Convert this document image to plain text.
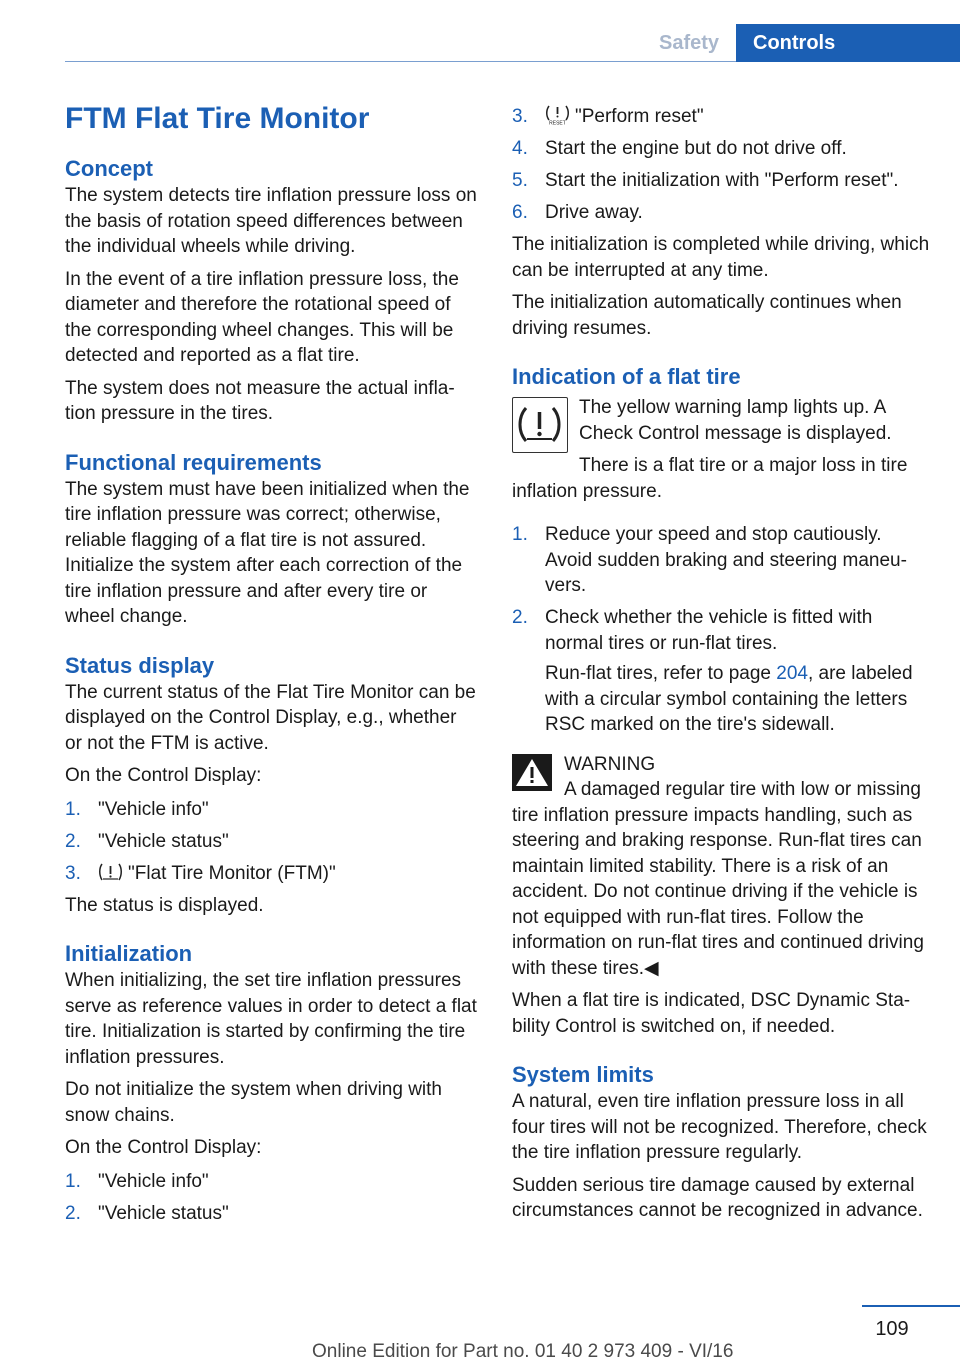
Safety	Controls
FTM Flat Tire Monitor
Concept

The system detects tire inflation pressure loss on the basis of rotation speed differences between the individual wheels while driving.

In the event of a tire inflation pressure loss, the diameter and therefore the rotational speed of the corresponding wheel changes. This will be detected and reported as a flat tire.

The system does not measure the actual inflation pressure in the tires.

Functional requirements

The system must have been initialized when the tire inflation pressure was correct; otherwise, reliable flagging of a flat tire is not assured. Initialize the system after each correction of the tire inflation pressure and after every tire or wheel change.

Status display

The current status of the Flat Tire Monitor can be displayed on the Control Display, e.g., whether or not the FTM is active.

On the Control Display:

1. "Vehicle info"
2. "Vehicle status"
3. "Flat Tire Monitor (FTM)"

The status is displayed.

Initialization

When initializing, the set tire inflation pressures serve as reference values in order to detect a flat tire. Initialization is started by confirming the tire inflation pressures.

Do not initialize the system when driving with snow chains.

On the Control Display:

1. "Vehicle info"
2. "Vehicle status"
3.	RESET "Perform reset"
4. Start the engine but do not drive off.
5. Start the initialization with "Perform reset".
6. Drive away.

The initialization is completed while driving, which can be interrupted at any time.

The initialization automatically continues when driving resumes.

Indication of a flat tire

The yellow warning lamp lights up. A Check Control message is displayed.

There is a flat tire or a major loss in tire inflation pressure.

1. Reduce your speed and stop cautiously. Avoid sudden braking and steering maneuvers.
2. Check whether the vehicle is fitted with normal tires or run-flat tires.
Run-flat tires, refer to page 204, are labeled with a circular symbol containing the letters RSC marked on the tire's sidewall.

WARNING

A damaged regular tire with low or missing tire inflation pressure impacts handling, such as steering and braking response. Run-flat tires can maintain limited stability. There is a risk of an accident. Do not continue driving if the vehicle is not equipped with run-flat tires. Follow the information on run-flat tires and continued driving with these tires.◀

When a flat tire is indicated, DSC Dynamic Stability Control is switched on, if needed.

System limits

A natural, even tire inflation pressure loss in all four tires will not be recognized. Therefore, check the tire inflation pressure regularly.

Sudden serious tire damage caused by external circumstances cannot be recognized in advance.

109
Online Edition for Part no. 01 40 2 973 409 - VI/16
